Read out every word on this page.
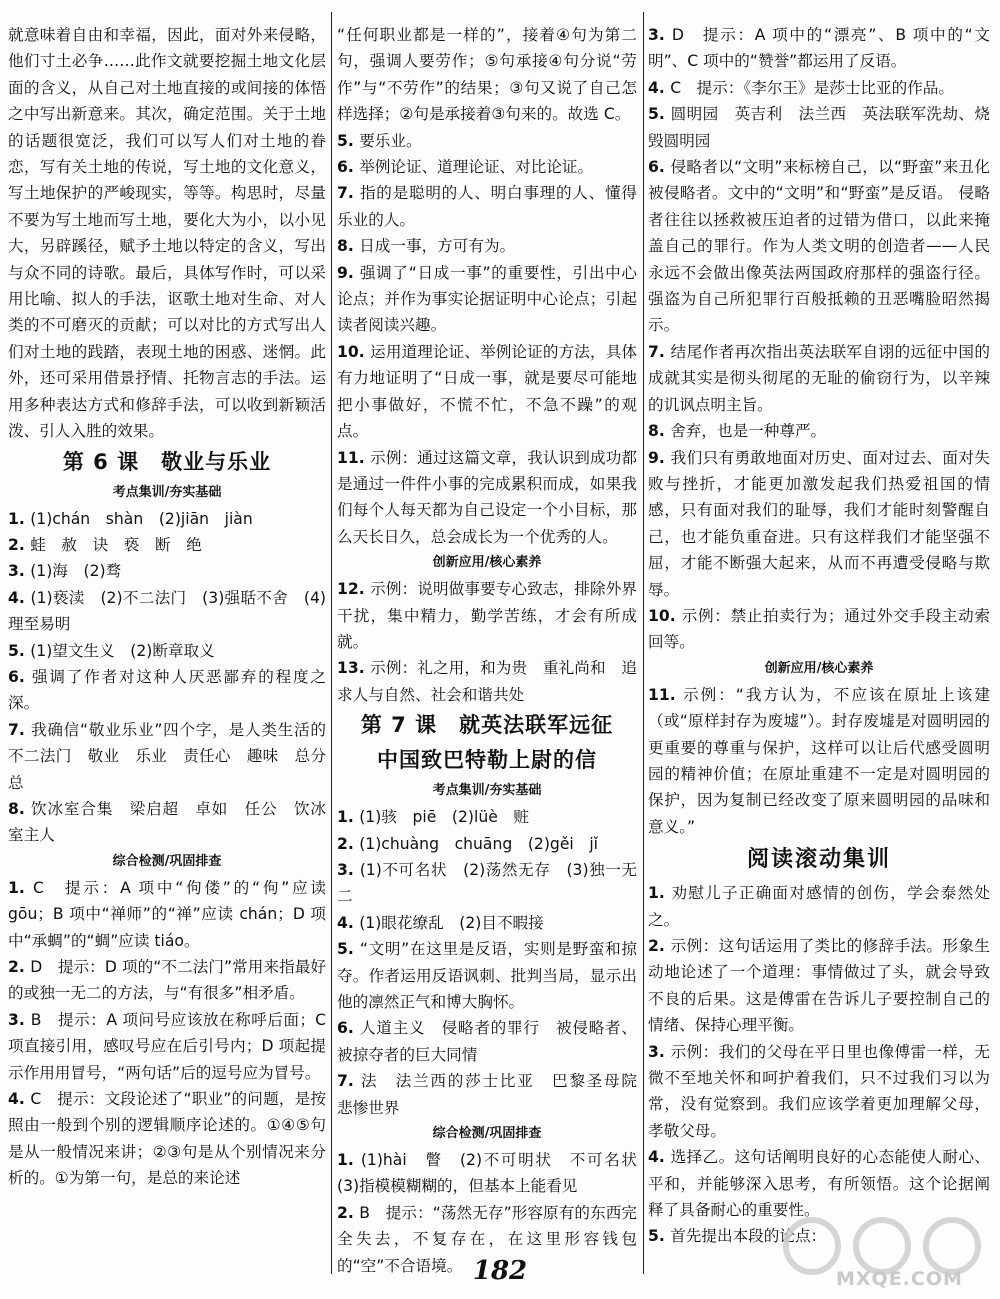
就意味着自由和幸福，因此，面对外来侵略，他们寸土必争……此作文就要挖掘土地文化层面的含义，从自己对土地直接的或间接的体悟之中写出新意来。其次，确定范围。关于土地的话题很宽泛，我们可以写人们对土地的眷恋，写有关土地的传说，写土地的文化意义，写土地保护的严峻现实，等等。构思时，尽量不要为写土地而写土地，要化大为小，以小见大，另辟蹊径，赋予土地以特定的含义，写出与众不同的诗歌。最后，具体写作时，可以采用比喻、拟人的手法，讴歌土地对生命、对人类的不可磨灭的贡献；可以对比的方式写出人们对土地的践踏，表现土地的困惑、迷惘。此外，还可采用借景抒情、托物言志的手法。运用多种表达方式和修辞手法，可以收到新颖活泼、引人入胜的效果。

第 6 课　敬业与乐业

考点集训/夯实基础

1. (1)chán　shàn　(2)jiān　jiàn

2. 蛙　赦　诀　亵　断　绝

3. (1)海　(2)骛

4. (1)亵渎　(2)不二法门　(3)强聒不舍　(4)理至易明

5. (1)望文生义　(2)断章取义

6. 强调了作者对这种人厌恶鄙弃的程度之深。

7. 我确信“敬业乐业”四个字，是人类生活的不二法门　敬业　乐业　责任心　趣味　总分总

8. 饮冰室合集　梁启超　卓如　任公　饮冰室主人

综合检测/巩固排查

1. C　提示：A 项中“佝偻”的“佝”应读 gōu；B 项中“禅师”的“禅”应读 chán；D 项中“承蜩”的“蜩”应读 tiáo。

2. D　提示：D 项的“不二法门”常用来指最好的或独一无二的方法，与“有很多”相矛盾。

3. B　提示：A 项问号应该放在称呼后面；C 项直接引用，感叹号应在后引号内；D 项起提示作用用冒号，“两句话”后的逗号应为冒号。

4. C　提示：文段论述了“职业”的问题，是按照由一般到个别的逻辑顺序论述的。①④⑤句是从一般情况来讲；②③句是从个别情况来分析的。①为第一句，是总的来论述

“任何职业都是一样的”，接着④句为第二句，强调人要劳作；⑤句承接④句分说“劳作”与“不劳作”的结果；③句又说了自己怎样选择；②句是承接着③句来的。故选 C。

5. 要乐业。

6. 举例论证、道理论证、对比论证。

7. 指的是聪明的人、明白事理的人、懂得乐业的人。

8. 日成一事，方可有为。

9. 强调了“日成一事”的重要性，引出中心论点；并作为事实论据证明中心论点；引起读者阅读兴趣。

10. 运用道理论证、举例论证的方法，具体有力地证明了“日成一事，就是要尽可能地把小事做好，不慌不忙，不急不躁”的观点。

11. 示例：通过这篇文章，我认识到成功都是通过一件件小事的完成累积而成，如果我们每个人每天都为自己设定一个小目标，那么天长日久，总会成长为一个优秀的人。

创新应用/核心素养

12. 示例：说明做事要专心致志，排除外界干扰，集中精力，勤学苦练，才会有所成就。

13. 示例：礼之用，和为贵　重礼尚和　追求人与自然、社会和谐共处

第 7 课　就英法联军远征

中国致巴特勒上尉的信

考点集训/夯实基础

1. (1)骇　piē　(2)lüè　赃

2. (1)chuàng　chuāng　(2)gěi　jǐ

3. (1)不可名状　(2)荡然无存　(3)独一无二

4. (1)眼花缭乱　(2)目不暇接

5. “文明”在这里是反语，实则是野蛮和掠夺。作者运用反语讽刺、批判当局，显示出他的凛然正气和博大胸怀。

6. 人道主义　侵略者的罪行　被侵略者、被掠夺者的巨大同情

7. 法　法兰西的莎士比亚　巴黎圣母院　悲惨世界

综合检测/巩固排查

1. (1)hài　瞥　(2)不可明状　不可名状　(3)指模模糊糊的，但基本上能看见

2. B　提示：“荡然无存”形容原有的东西完全失去，不复存在，在这里形容钱包的“空”不合语境。

3. D　提示：A 项中的“漂亮”、B 项中的“文明”、C 项中的“赞誉”都运用了反语。

4. C　提示：《李尔王》是莎士比亚的作品。

5. 圆明园　英吉利　法兰西　英法联军洗劫、烧毁圆明园

6. 侵略者以“文明”来标榜自己，以“野蛮”来丑化被侵略者。文中的“文明”和“野蛮”是反语。 侵略者往往以拯救被压迫者的过错为借口，以此来掩盖自己的罪行。作为人类文明的创造者——人民永远不会做出像英法两国政府那样的强盗行径。强盗为自己所犯罪行百般抵赖的丑恶嘴脸昭然揭示。

7. 结尾作者再次指出英法联军自诩的远征中国的成就其实是彻头彻尾的无耻的偷窃行为，以辛辣的讥讽点明主旨。

8. 舍弃，也是一种尊严。

9. 我们只有勇敢地面对历史、面对过去、面对失败与挫折，才能更加激发起我们热爱祖国的情感，只有面对我们的耻辱，我们才能时刻警醒自己，也才能负重奋进。只有这样我们才能坚强不屈，才能不断强大起来，从而不再遭受侵略与欺辱。

10. 示例：禁止拍卖行为；通过外交手段主动索回等。

创新应用/核心素养

11. 示例：“我方认为，不应该在原址上该建（或“原样封存为废墟”）。封存废墟是对圆明园的更重要的尊重与保护，这样可以让后代感受圆明园的精神价值；在原址重建不一定是对圆明园的保护，因为复制已经改变了原来圆明园的品味和意义。”

阅读滚动集训

1. 劝慰儿子正确面对感情的创伤，学会泰然处之。

2. 示例：这句话运用了类比的修辞手法。形象生动地论述了一个道理：事情做过了头，就会导致不良的后果。这是傅雷在告诉儿子要控制自己的情绪、保持心理平衡。

3. 示例：我们的父母在平日里也像傅雷一样，无微不至地关怀和呵护着我们，只不过我们习以为常，没有觉察到。我们应该学着更加理解父母，孝敬父母。

4. 选择乙。这句话阐明良好的心态能使人耐心、平和，并能够深入思考，有所领悟。这个论据阐释了具备耐心的重要性。

5. 首先提出本段的论点：

182	MXQE.COM
